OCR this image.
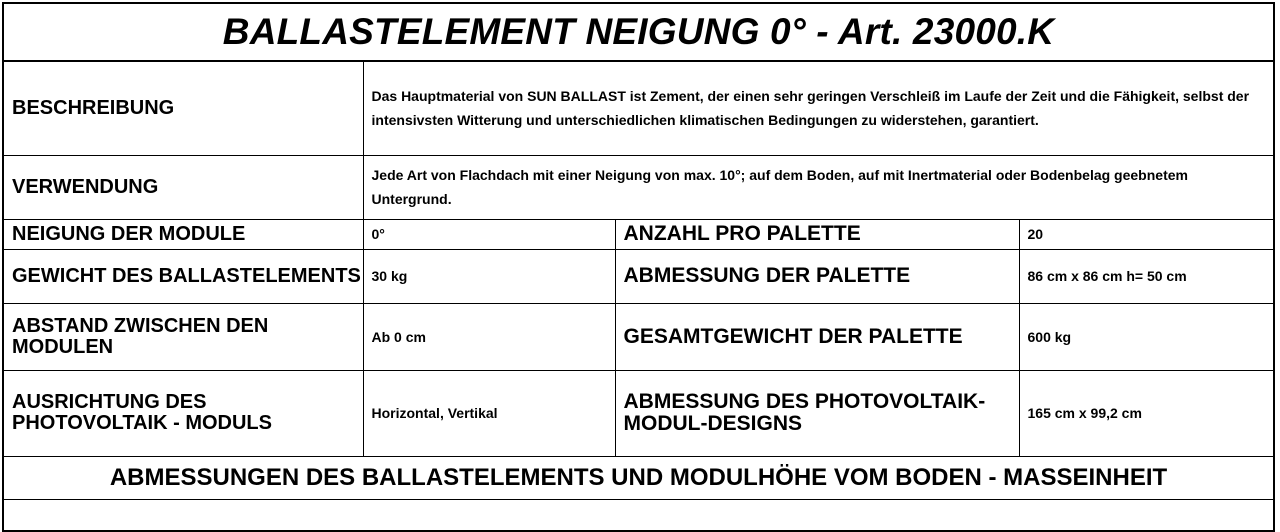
BALLASTELEMENT NEIGUNG 0° - Art. 23000.K
BESCHREIBUNG	Das Hauptmaterial von SUN BALLAST ist Zement, der einen sehr geringen Verschleiß im Laufe der Zeit und die Fähigkeit, selbst der intensivsten Witterung und unterschiedlichen klimatischen Bedingungen zu widerstehen, garantiert.		
VERWENDUNG	Jede Art von Flachdach mit einer Neigung von max. 10°; auf dem Boden, auf mit Inertmaterial oder Bodenbelag geebnetem Untergrund.		
NEIGUNG DER MODULE	0°	ANZAHL PRO PALETTE	20
GEWICHT DES BALLASTELEMENTS	30 kg	ABMESSUNG DER PALETTE	86 cm x 86 cm h= 50 cm
ABSTAND ZWISCHEN DEN MODULEN	Ab 0 cm	GESAMTGEWICHT DER PALETTE	600 kg
AUSRICHTUNG DES PHOTOVOLTAIK - MODULS	Horizontal, Vertikal	ABMESSUNG DES PHOTOVOLTAIK-MODUL-DESIGNS	165 cm x 99,2 cm
ABMESSUNGEN DES BALLASTELEMENTS UND MODULHÖHE VOM BODEN - MASSEINHEIT
